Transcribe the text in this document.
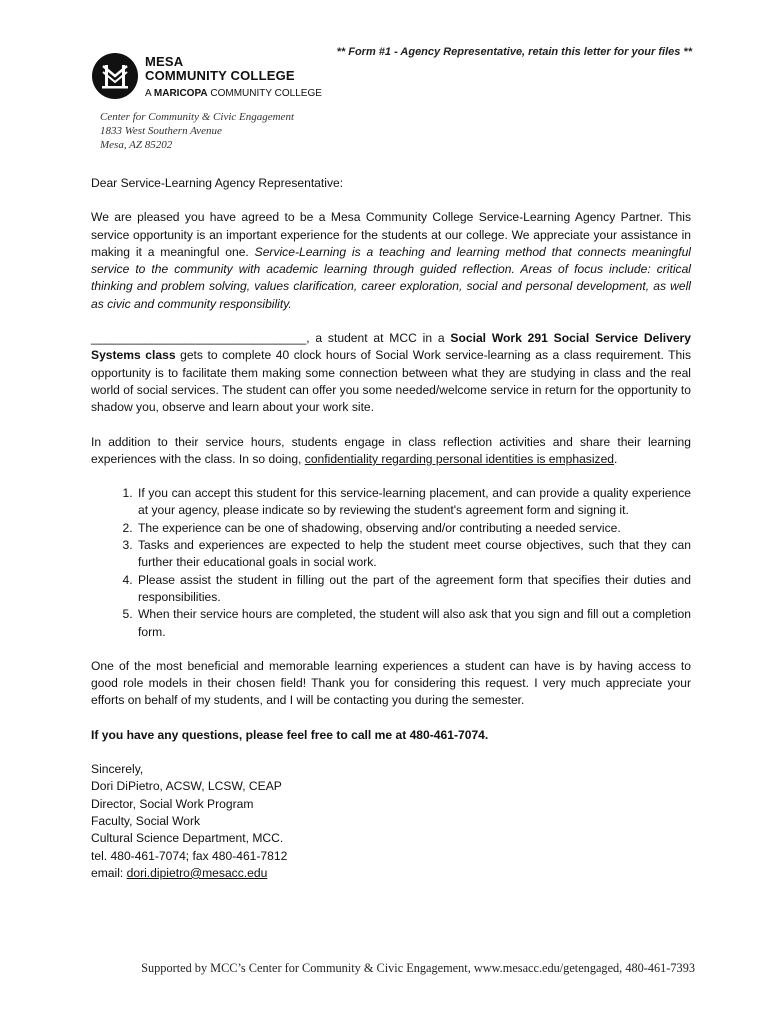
** Form #1 - Agency Representative, retain this letter for your files **
MESA
COMMUNITY COLLEGE
A MARICOPA COMMUNITY COLLEGE
Center for Community & Civic Engagement
1833 West Southern Avenue
Mesa, AZ 85202

Dear Service-Learning Agency Representative:

We are pleased you have agreed to be a Mesa Community College Service-Learning Agency Partner. This service opportunity is an important experience for the students at our college. We appreciate your assistance in making it a meaningful one. Service-Learning is a teaching and learning method that connects meaningful service to the community with academic learning through guided reflection. Areas of focus include: critical thinking and problem solving, values clarification, career exploration, social and personal development, as well as civic and community responsibility.

________________________________, a student at MCC in a Social Work 291 Social Service Delivery Systems class gets to complete 40 clock hours of Social Work service-learning as a class requirement. This opportunity is to facilitate them making some connection between what they are studying in class and the real world of social services. The student can offer you some needed/welcome service in return for the opportunity to shadow you, observe and learn about your work site.

In addition to their service hours, students engage in class reflection activities and share their learning experiences with the class. In so doing, confidentiality regarding personal identities is emphasized.

1. If you can accept this student for this service-learning placement, and can provide a quality experience at your agency, please indicate so by reviewing the student's agreement form and signing it.
2. The experience can be one of shadowing, observing and/or contributing a needed service.
3. Tasks and experiences are expected to help the student meet course objectives, such that they can further their educational goals in social work.
4. Please assist the student in filling out the part of the agreement form that specifies their duties and responsibilities.
5. When their service hours are completed, the student will also ask that you sign and fill out a completion form.

One of the most beneficial and memorable learning experiences a student can have is by having access to good role models in their chosen field! Thank you for considering this request. I very much appreciate your efforts on behalf of my students, and I will be contacting you during the semester.

If you have any questions, please feel free to call me at 480-461-7074.

Sincerely,
Dori DiPietro, ACSW, LCSW, CEAP
Director, Social Work Program
Faculty, Social Work
Cultural Science Department, MCC.
tel. 480-461-7074; fax 480-461-7812
email: dori.dipietro@mesacc.edu
Supported by MCC’s Center for Community & Civic Engagement, www.mesacc.edu/getengaged, 480-461-7393
